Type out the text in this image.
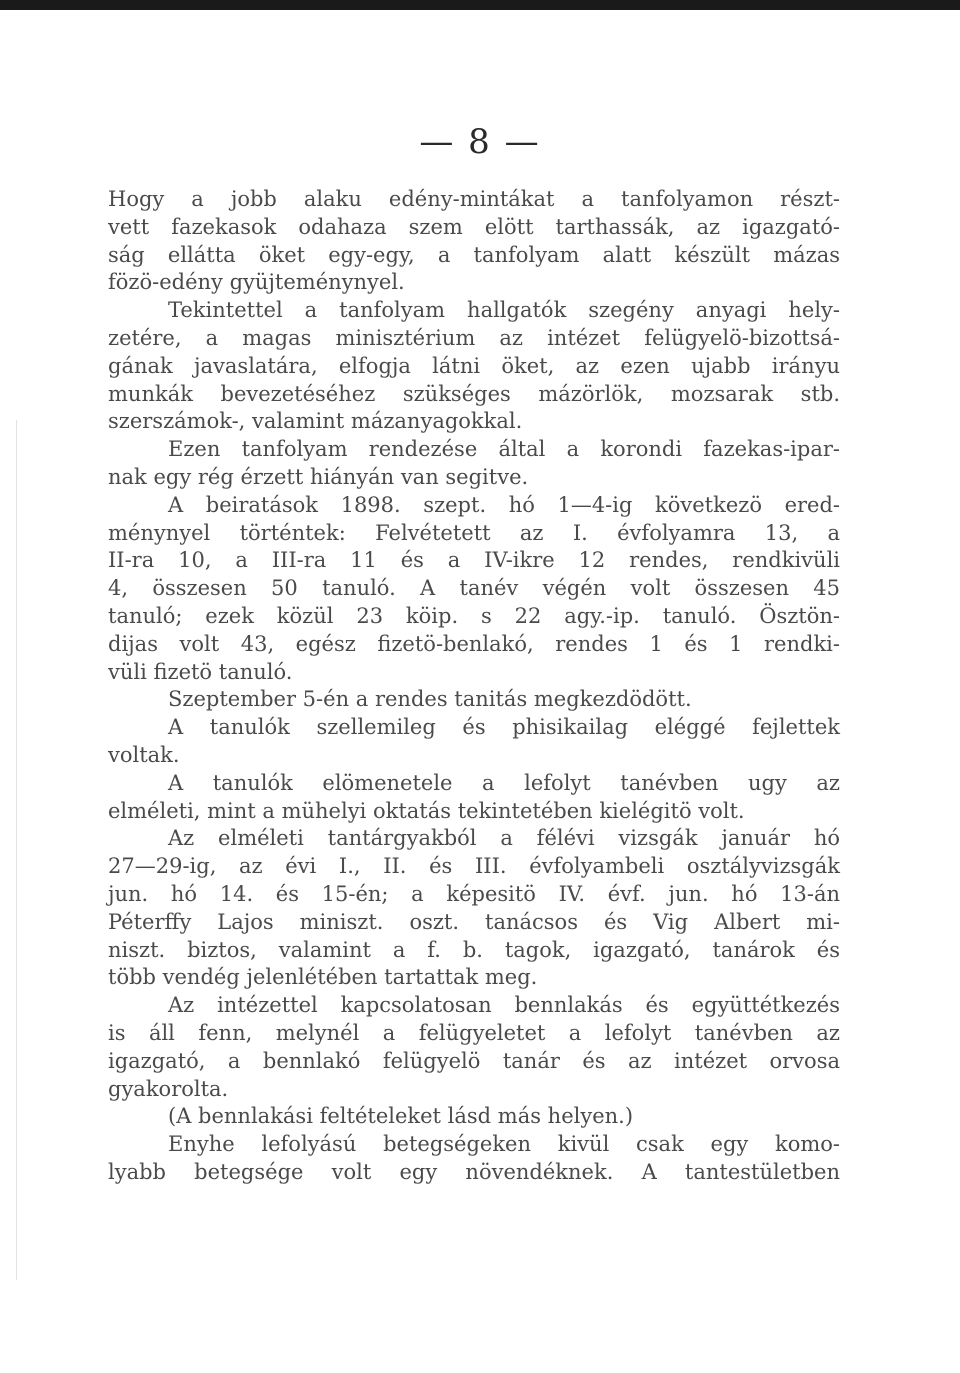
— 8 —
Hogy a jobb alaku edény-mintákat a tanfolyamon részt-
vett fazekasok odahaza szem elött tarthassák, az igazgató-
ság ellátta öket egy-egy, a tanfolyam alatt készült mázas
fözö-edény gyüjteménynyel.
Tekintettel a tanfolyam hallgatók szegény anyagi hely-
zetére, a magas minisztérium az intézet felügyelö-bizottsá-
gának javaslatára, elfogja látni öket, az ezen ujabb irányu
munkák bevezetéséhez szükséges mázörlök, mozsarak stb.
szerszámok-, valamint mázanyagokkal.
Ezen tanfolyam rendezése által a korondi fazekas-ipar-
nak egy rég érzett hiányán van segitve.
A beiratások 1898. szept. hó 1—4-ig következö ered-
ménynyel történtek: Felvétetett az I. évfolyamra 13, a
II-ra 10, a III-ra 11 és a IV-ikre 12 rendes, rendkivüli
4, összesen 50 tanuló. A tanév végén volt összesen 45
tanuló; ezek közül 23 köip. s 22 agy.-ip. tanuló. Ösztön-
dijas volt 43, egész fizetö-benlakó, rendes 1 és 1 rendki-
vüli fizetö tanuló.
Szeptember 5-én a rendes tanitás megkezdödött.
A tanulók szellemileg és phisikailag eléggé fejlettek
voltak.
A tanulók elömenetele a lefolyt tanévben ugy az
elméleti, mint a mühelyi oktatás tekintetében kielégitö volt.
Az elméleti tantárgyakból a félévi vizsgák január hó
27—29-ig, az évi I., II. és III. évfolyambeli osztályvizsgák
jun. hó 14. és 15-én; a képesitö IV. évf. jun. hó 13-án
Péterffy Lajos miniszt. oszt. tanácsos és Vig Albert mi-
niszt. biztos, valamint a f. b. tagok, igazgató, tanárok és
több vendég jelenlétében tartattak meg.
Az intézettel kapcsolatosan bennlakás és együttétkezés
is áll fenn, melynél a felügyeletet a lefolyt tanévben az
igazgató, a bennlakó felügyelö tanár és az intézet orvosa
gyakorolta.
(A bennlakási feltételeket lásd más helyen.)
Enyhe lefolyású betegségeken kivül csak egy komo-
lyabb betegsége volt egy növendéknek. A tantestületben
